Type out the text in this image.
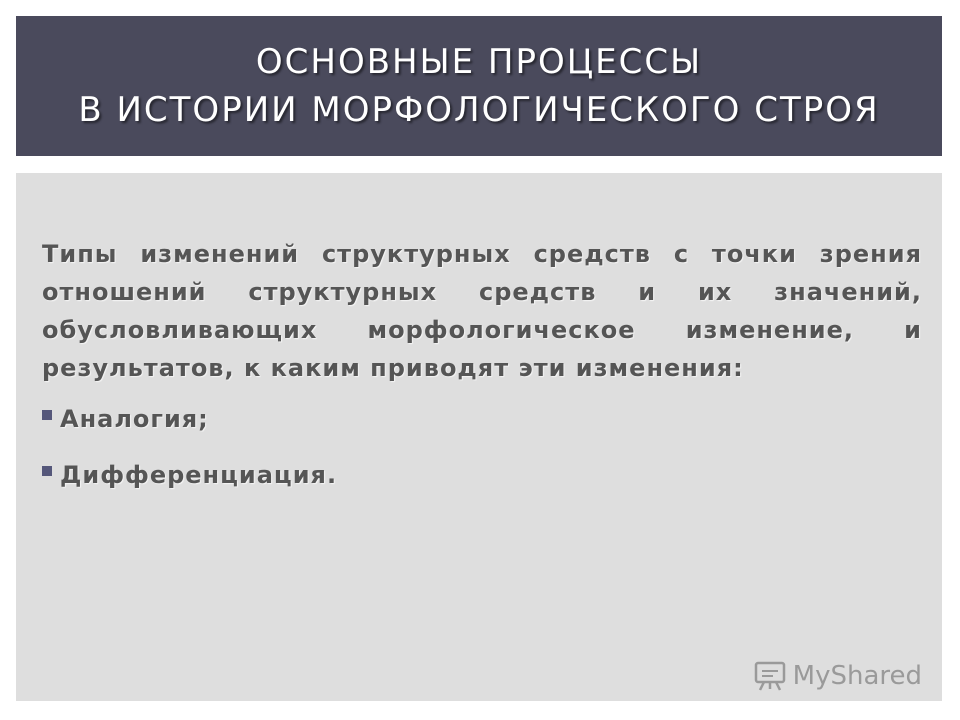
ОСНОВНЫЕ ПРОЦЕССЫ
В ИСТОРИИ МОРФОЛОГИЧЕСКОГО СТРОЯ

Типы изменений структурных средств с точки зрения отношений структурных средств и их значений, обусловливающих морфологическое изменение, и результатов, к каким приводят эти изменения:

Аналогия;
Дифференциация.
MyShared
